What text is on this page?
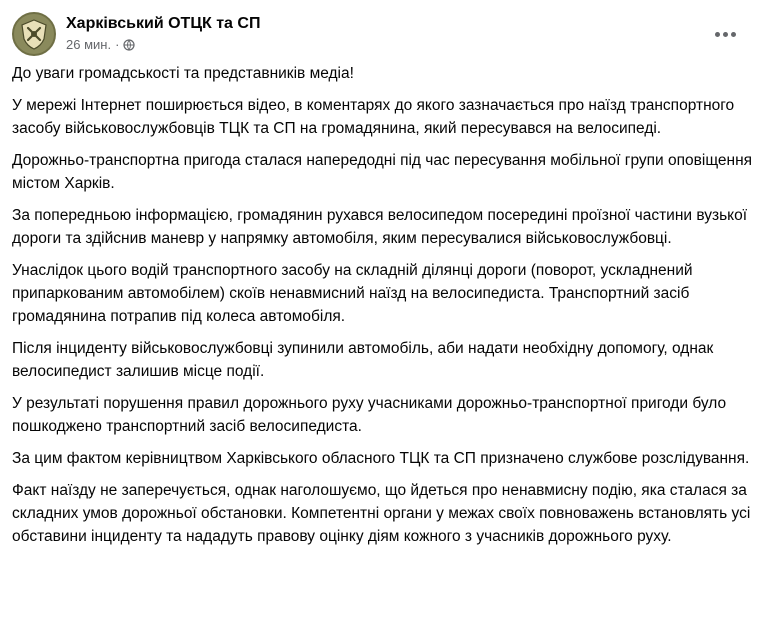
Харківський ОТЦК та СП
26 мин. ·

До уваги громадськості та представників медіа!

У мережі Інтернет поширюється відео, в коментарях до якого зазначається про наїзд транспортного засобу військовослужбовців ТЦК та СП на громадянина, який пересувався на велосипеді.

Дорожньо-транспортна пригода сталася напередодні під час пересування мобільної групи оповіщення містом Харків.

За попередньою інформацією, громадянин рухався велосипедом посередині проїзної частини вузької дороги та здійснив маневр у напрямку автомобіля, яким пересувалися військовослужбовці.

Унаслідок цього водій транспортного засобу на складній ділянці дороги (поворот, ускладнений припаркованим автомобілем) скоїв ненавмисний наїзд на велосипедиста. Транспортний засіб громадянина потрапив під колеса автомобіля.

Після інциденту військовослужбовці зупинили автомобіль, аби надати необхідну допомогу, однак велосипедист залишив місце події.

У результаті порушення правил дорожнього руху учасниками дорожньо-транспортної пригоди було пошкоджено транспортний засіб велосипедиста.

За цим фактом керівництвом Харківського обласного ТЦК та СП призначено службове розслідування.

Факт наїзду не заперечується, однак наголошуємо, що йдеться про ненавмисну подію, яка сталася за складних умов дорожньої обстановки. Компетентні органи у межах своїх повноважень встановлять усі обставини інциденту та нададуть правову оцінку діям кожного з учасників дорожнього руху.
